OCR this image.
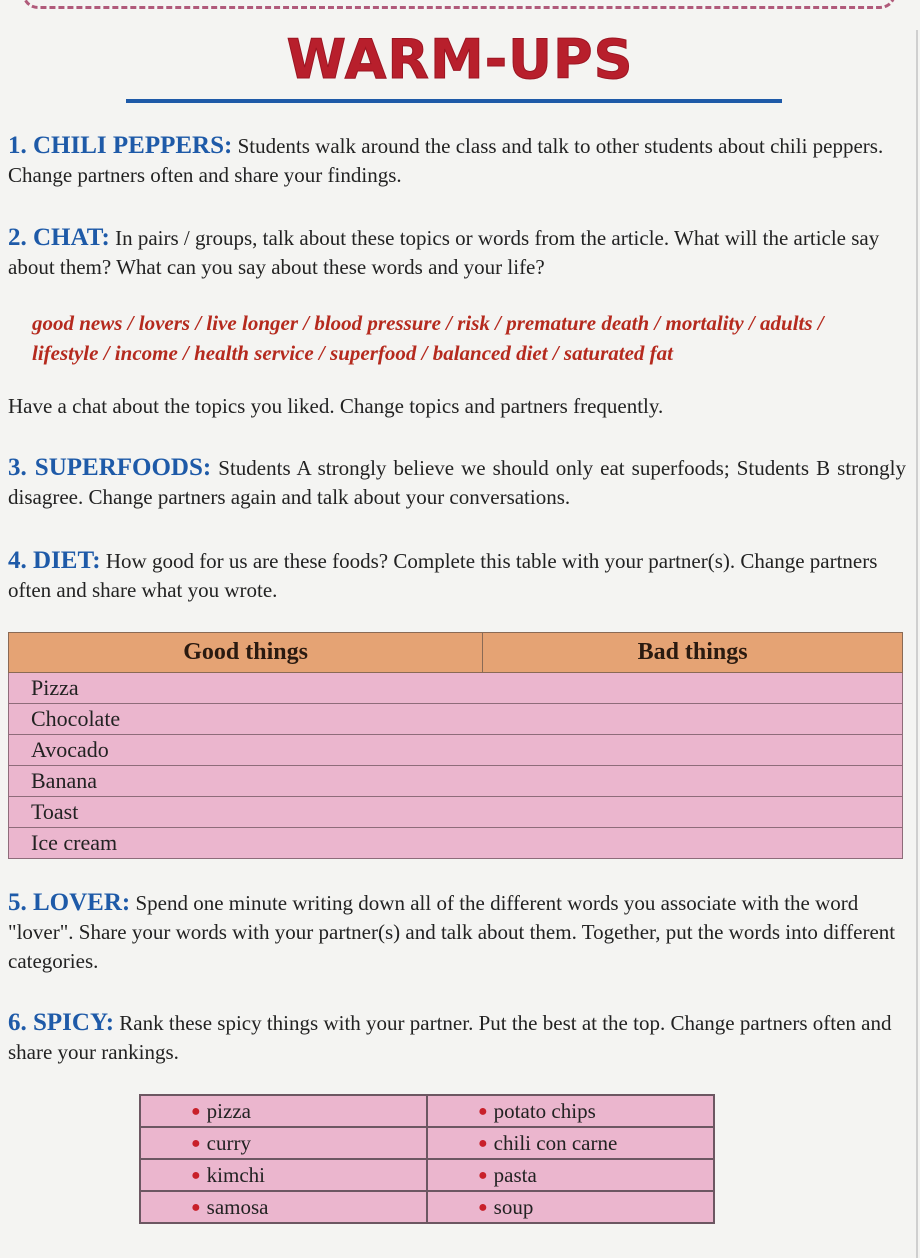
WARM-UPS

1. CHILI PEPPERS: Students walk around the class and talk to other students about chili peppers. Change partners often and share your findings.

2. CHAT: In pairs / groups, talk about these topics or words from the article. What will the article say about them? What can you say about these words and your life?

good news / lovers / live longer / blood pressure / risk / premature death / mortality / adults / lifestyle / income / health service / superfood / balanced diet / saturated fat

Have a chat about the topics you liked. Change topics and partners frequently.

3. SUPERFOODS: Students A strongly believe we should only eat superfoods; Students B strongly disagree. Change partners again and talk about your conversations.

4. DIET: How good for us are these foods? Complete this table with your partner(s). Change partners often and share what you wrote.

Good things	Bad things
Pizza
Chocolate
Avocado
Banana
Toast
Ice cream

5. LOVER: Spend one minute writing down all of the different words you associate with the word "lover". Share your words with your partner(s) and talk about them. Together, put the words into different categories.

6. SPICY: Rank these spicy things with your partner. Put the best at the top. Change partners often and share your rankings.

● pizza	● potato chips
● curry	● chili con carne
● kimchi	● pasta
● samosa	● soup
